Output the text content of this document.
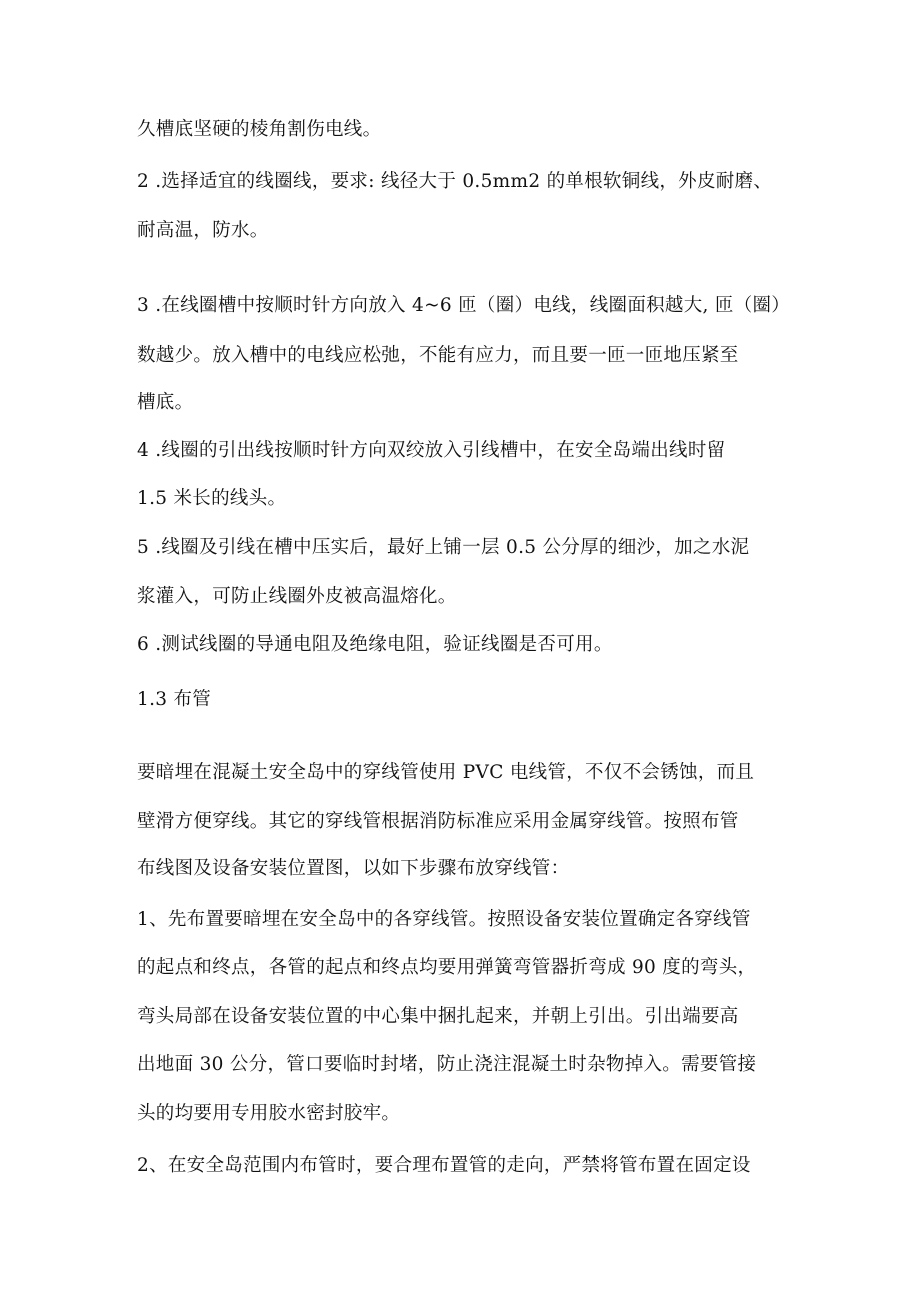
久槽底坚硬的棱角割伤电线。
2 .选择适宜的线圈线，要求: 线径大于 0.5mm2 的单根软铜线，外皮耐磨、
耐高温，防水。
3 .在线圈槽中按顺时针方向放入 4~6 匝（圈）电线，线圈面积越大, 匝（圈）
数越少。放入槽中的电线应松弛，不能有应力，而且要一匝一匝地压紧至
槽底。
4 .线圈的引出线按顺时针方向双绞放入引线槽中，在安全岛端出线时留
1.5 米长的线头。
5 .线圈及引线在槽中压实后，最好上铺一层 0.5 公分厚的细沙，加之水泥
浆灌入，可防止线圈外皮被高温熔化。
6 .测试线圈的导通电阻及绝缘电阻，验证线圈是否可用。
1.3 布管
要暗埋在混凝土安全岛中的穿线管使用 PVC 电线管，不仅不会锈蚀，而且
壁滑方便穿线。其它的穿线管根据消防标准应采用金属穿线管。按照布管
布线图及设备安装位置图，以如下步骤布放穿线管：
1、先布置要暗埋在安全岛中的各穿线管。按照设备安装位置确定各穿线管
的起点和终点，各管的起点和终点均要用弹簧弯管器折弯成 90 度的弯头，
弯头局部在设备安装位置的中心集中捆扎起来，并朝上引出。引出端要高
出地面 30 公分，管口要临时封堵，防止浇注混凝土时杂物掉入。需要管接
头的均要用专用胶水密封胶牢。
2、在安全岛范围内布管时，要合理布置管的走向，严禁将管布置在固定设
